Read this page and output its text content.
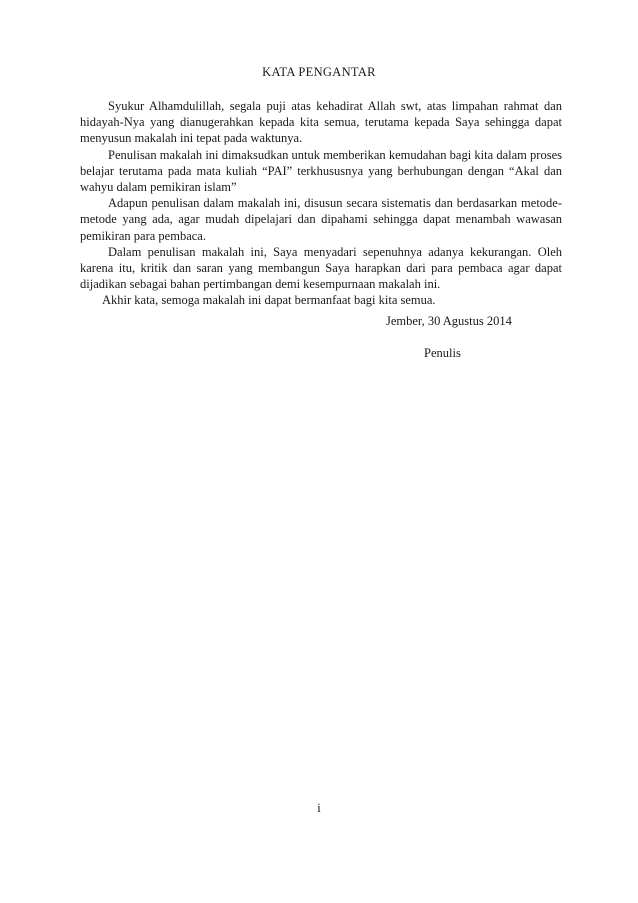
KATA PENGANTAR

Syukur Alhamdulillah, segala puji atas kehadirat Allah swt, atas limpahan rahmat dan hidayah-Nya yang dianugerahkan kepada kita semua, terutama kepada Saya sehingga dapat menyusun makalah ini tepat pada waktunya.

Penulisan makalah ini dimaksudkan untuk memberikan kemudahan bagi kita dalam proses belajar terutama pada mata kuliah “PAI” terkhususnya yang berhubungan dengan “Akal dan wahyu dalam pemikiran islam”

Adapun penulisan dalam makalah ini, disusun secara sistematis dan berdasarkan metode-metode yang ada, agar mudah dipelajari dan dipahami sehingga dapat menambah wawasan pemikiran para pembaca.

Dalam penulisan makalah ini, Saya menyadari sepenuhnya adanya kekurangan. Oleh karena itu, kritik dan saran yang membangun Saya harapkan dari para pembaca agar dapat dijadikan sebagai bahan pertimbangan demi kesempurnaan makalah ini.

Akhir kata, semoga makalah ini dapat bermanfaat bagi kita semua.

Jember, 30 Agustus 2014
Penulis
i
